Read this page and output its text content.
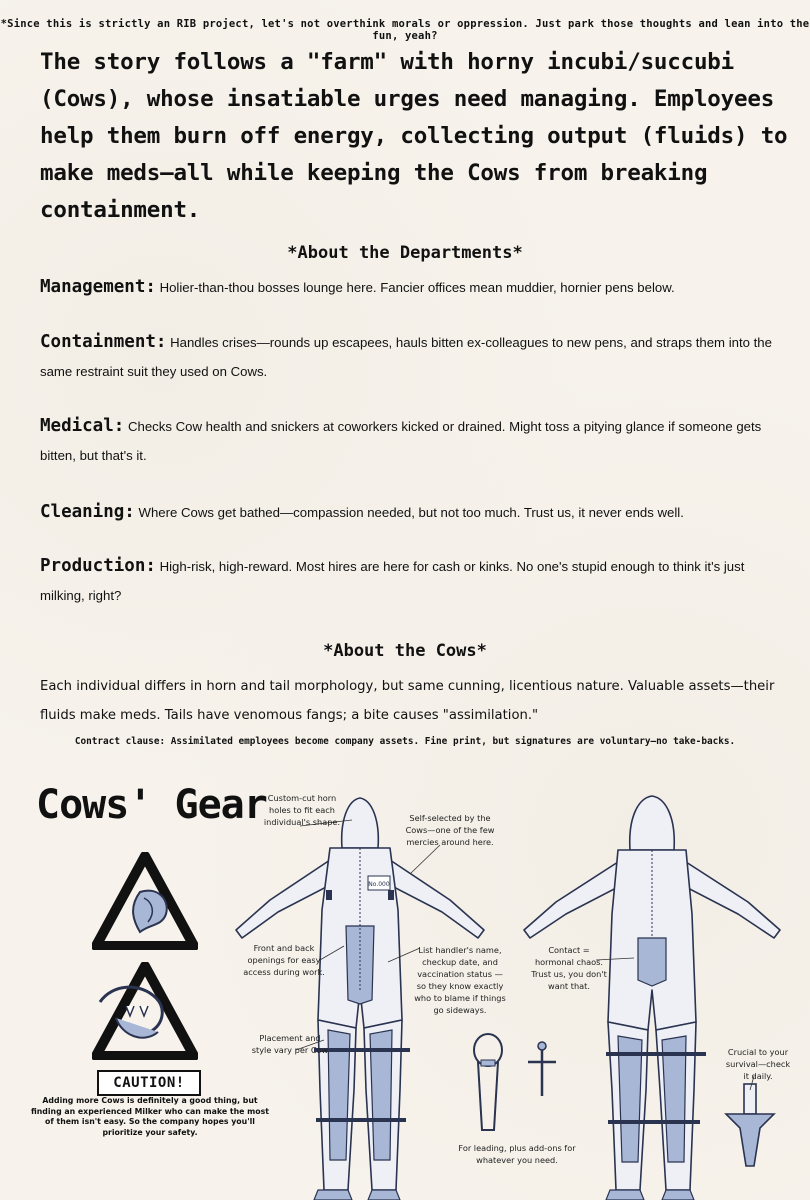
*Since this is strictly an RIB project, let's not overthink morals or oppression. Just park those thoughts and lean into the fun, yeah?
The story follows a "farm" with horny incubi/succubi (Cows), whose insatiable urges need managing. Employees help them burn off energy, collecting output (fluids) to make meds—all while keeping the Cows from breaking containment.
*About the Departments*
Management: Holier-than-thou bosses lounge here. Fancier offices mean muddier, hornier pens below.
Containment: Handles crises—rounds up escapees, hauls bitten ex-colleagues to new pens, and straps them into the same restraint suit they used on Cows.
Medical: Checks Cow health and snickers at coworkers kicked or drained. Might toss a pitying glance if someone gets bitten, but that's it.
Cleaning: Where Cows get bathed—compassion needed, but not too much. Trust us, it never ends well.
Production: High-risk, high-reward. Most hires are here for cash or kinks. No one's stupid enough to think it's just milking, right?
*About the Cows*
Each individual differs in horn and tail morphology, but same cunning, licentious nature. Valuable assets—their fluids make meds. Tails have venomous fangs; a bite causes "assimilation."
Contract clause: Assimilated employees become company assets. Fine print, but signatures are voluntary—no take-backs.
Cows' Gear
CAUTION!
Adding more Cows is definitely a good thing, but finding an experienced Milker who can make the most of them isn't easy. So the company hopes you'll prioritize your safety.
No.000
Custom-cut horn holes to fit each individual's shape.	Self-selected by the Cows—one of the few mercies around here.
Front and back openings for easy access during work.
List handler's name, checkup date, and vaccination status —so they know exactly who to blame if things go sideways.
Placement and style vary per Cow
Contact = hormonal chaos. Trust us, you don't want that.
For leading, plus add-ons for whatever you need.
Crucial to your survival—check it daily.
